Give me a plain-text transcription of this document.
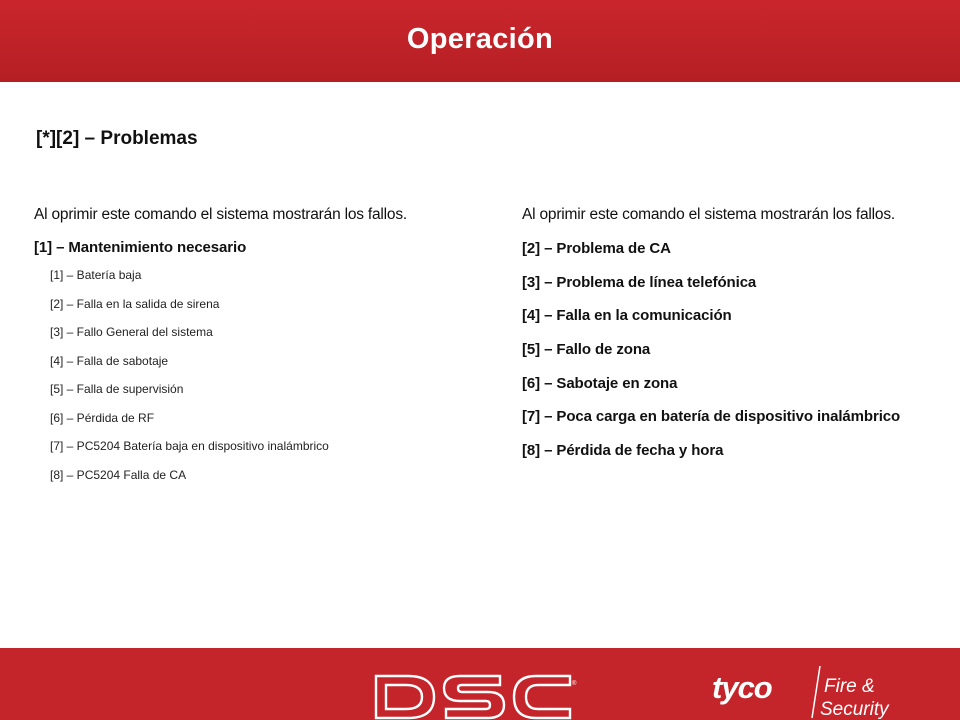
Operación
[*][2] – Problemas

Al oprimir este comando el sistema mostrarán los fallos.

[1] – Mantenimiento necesario

[1] – Batería baja
[2] – Falla en la salida de sirena
[3] – Fallo General del sistema
[4] – Falla de sabotaje
[5] – Falla de supervisión
[6] – Pérdida de RF
[7] – PC5204 Batería baja en dispositivo inalámbrico
[8] – PC5204 Falla de CA

Al oprimir este comando el sistema mostrarán los fallos.

[2] – Problema de CA
[3] – Problema de línea telefónica
[4] – Falla en la comunicación
[5] – Fallo de zona
[6] – Sabotaje en zona
[7] – Poca carga en batería de dispositivo inalámbrico
[8] – Pérdida de fecha y hora
®	tyco	Fire &
Security
